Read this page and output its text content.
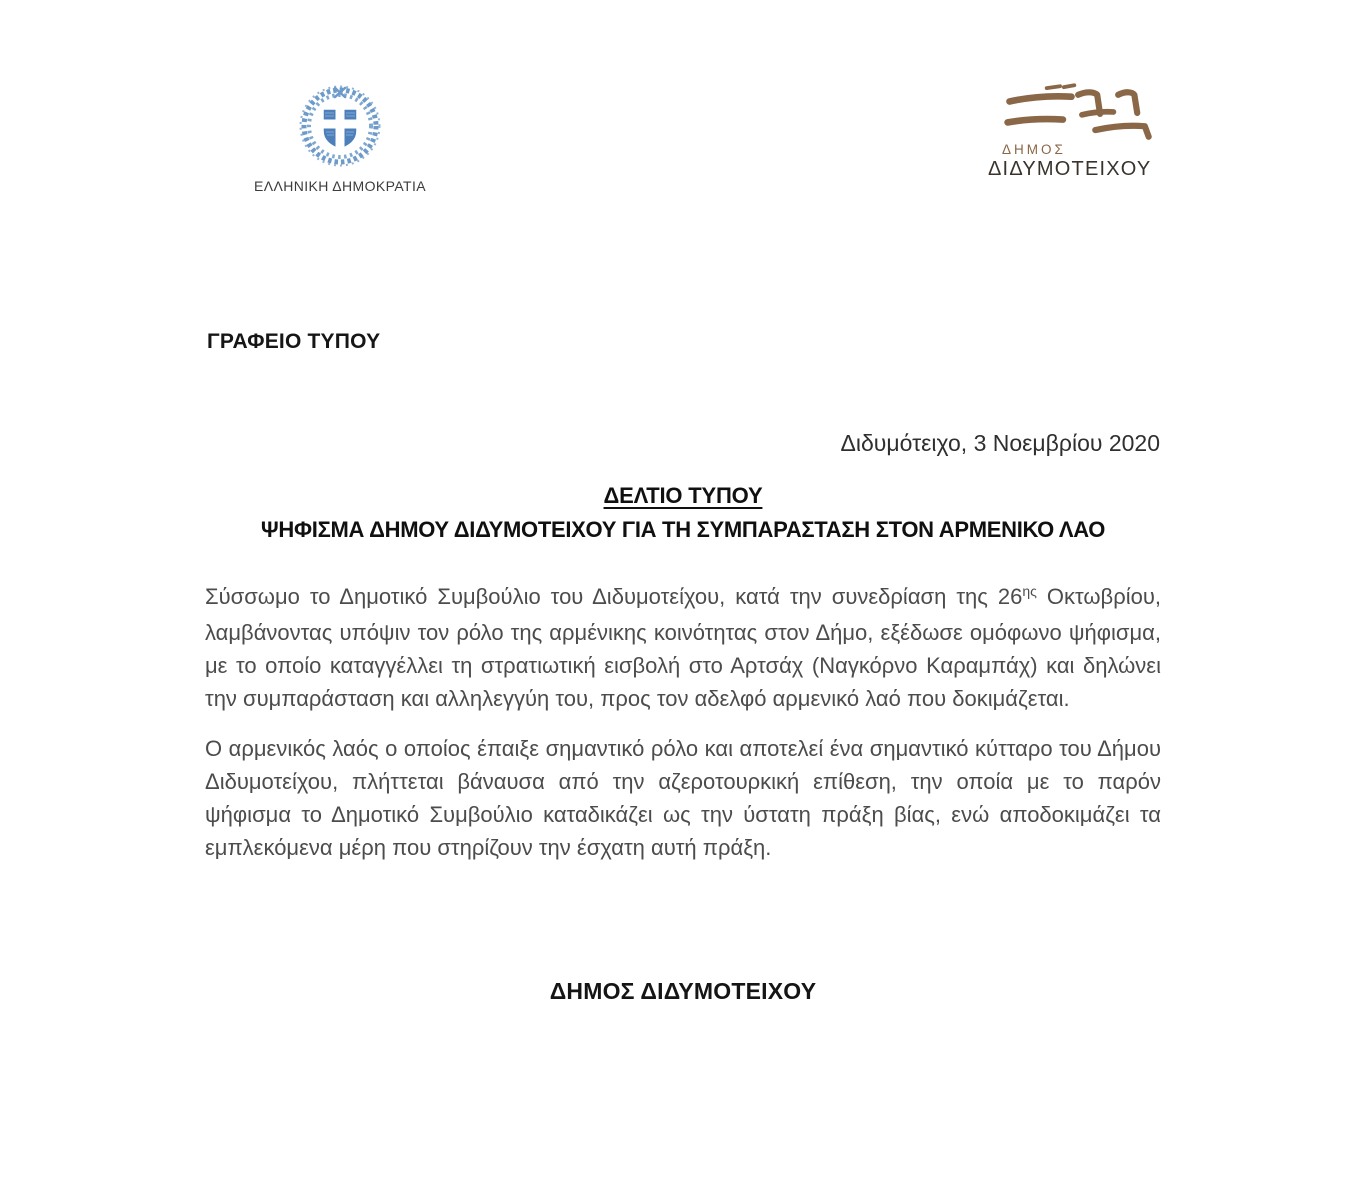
ΕΛΛΗΝΙΚΗ ΔΗΜΟΚΡΑΤΙΑ
ΔΗΜΟΣ
ΔΙΔΥΜΟΤΕΙΧΟΥ
ΓΡΑΦΕΙΟ ΤΥΠΟΥ
Διδυμότειχο, 3 Νοεμβρίου 2020
ΔΕΛΤΙΟ ΤΥΠΟΥ
ΨΗΦΙΣΜΑ ΔΗΜΟΥ ΔΙΔΥΜΟΤΕΙΧΟΥ ΓΙΑ ΤΗ ΣΥΜΠΑΡΑΣΤΑΣΗ ΣΤΟΝ ΑΡΜΕΝΙΚΟ ΛΑΟ

Σύσσωμο το Δημοτικό Συμβούλιο του Διδυμοτείχου, κατά την συνεδρίαση της $26^{\eta\varsigma}$ Οκτωβρίου, λαμβάνοντας υπόψιν τον ρόλο της αρμένικης κοινότητας στον Δήμο, εξέδωσε ομόφωνο ψήφισμα, με το οποίο καταγγέλλει τη στρατιωτική εισβολή στο Αρτσάχ (Ναγκόρνο Καραμπάχ) και δηλώνει την συμπαράσταση και αλληλεγγύη του, προς τον αδελφό αρμενικό λαό που δοκιμάζεται.

Ο αρμενικός λαός ο οποίος έπαιξε σημαντικό ρόλο και αποτελεί ένα σημαντικό κύτταρο του Δήμου Διδυμοτείχου, πλήττεται βάναυσα από την αζεροτουρκική επίθεση, την οποία με το παρόν ψήφισμα το Δημοτικό Συμβούλιο καταδικάζει ως την ύστατη πράξη βίας, ενώ αποδοκιμάζει τα εμπλεκόμενα μέρη που στηρίζουν την έσχατη αυτή πράξη.

ΔΗΜΟΣ ΔΙΔΥΜΟΤΕΙΧΟΥ
